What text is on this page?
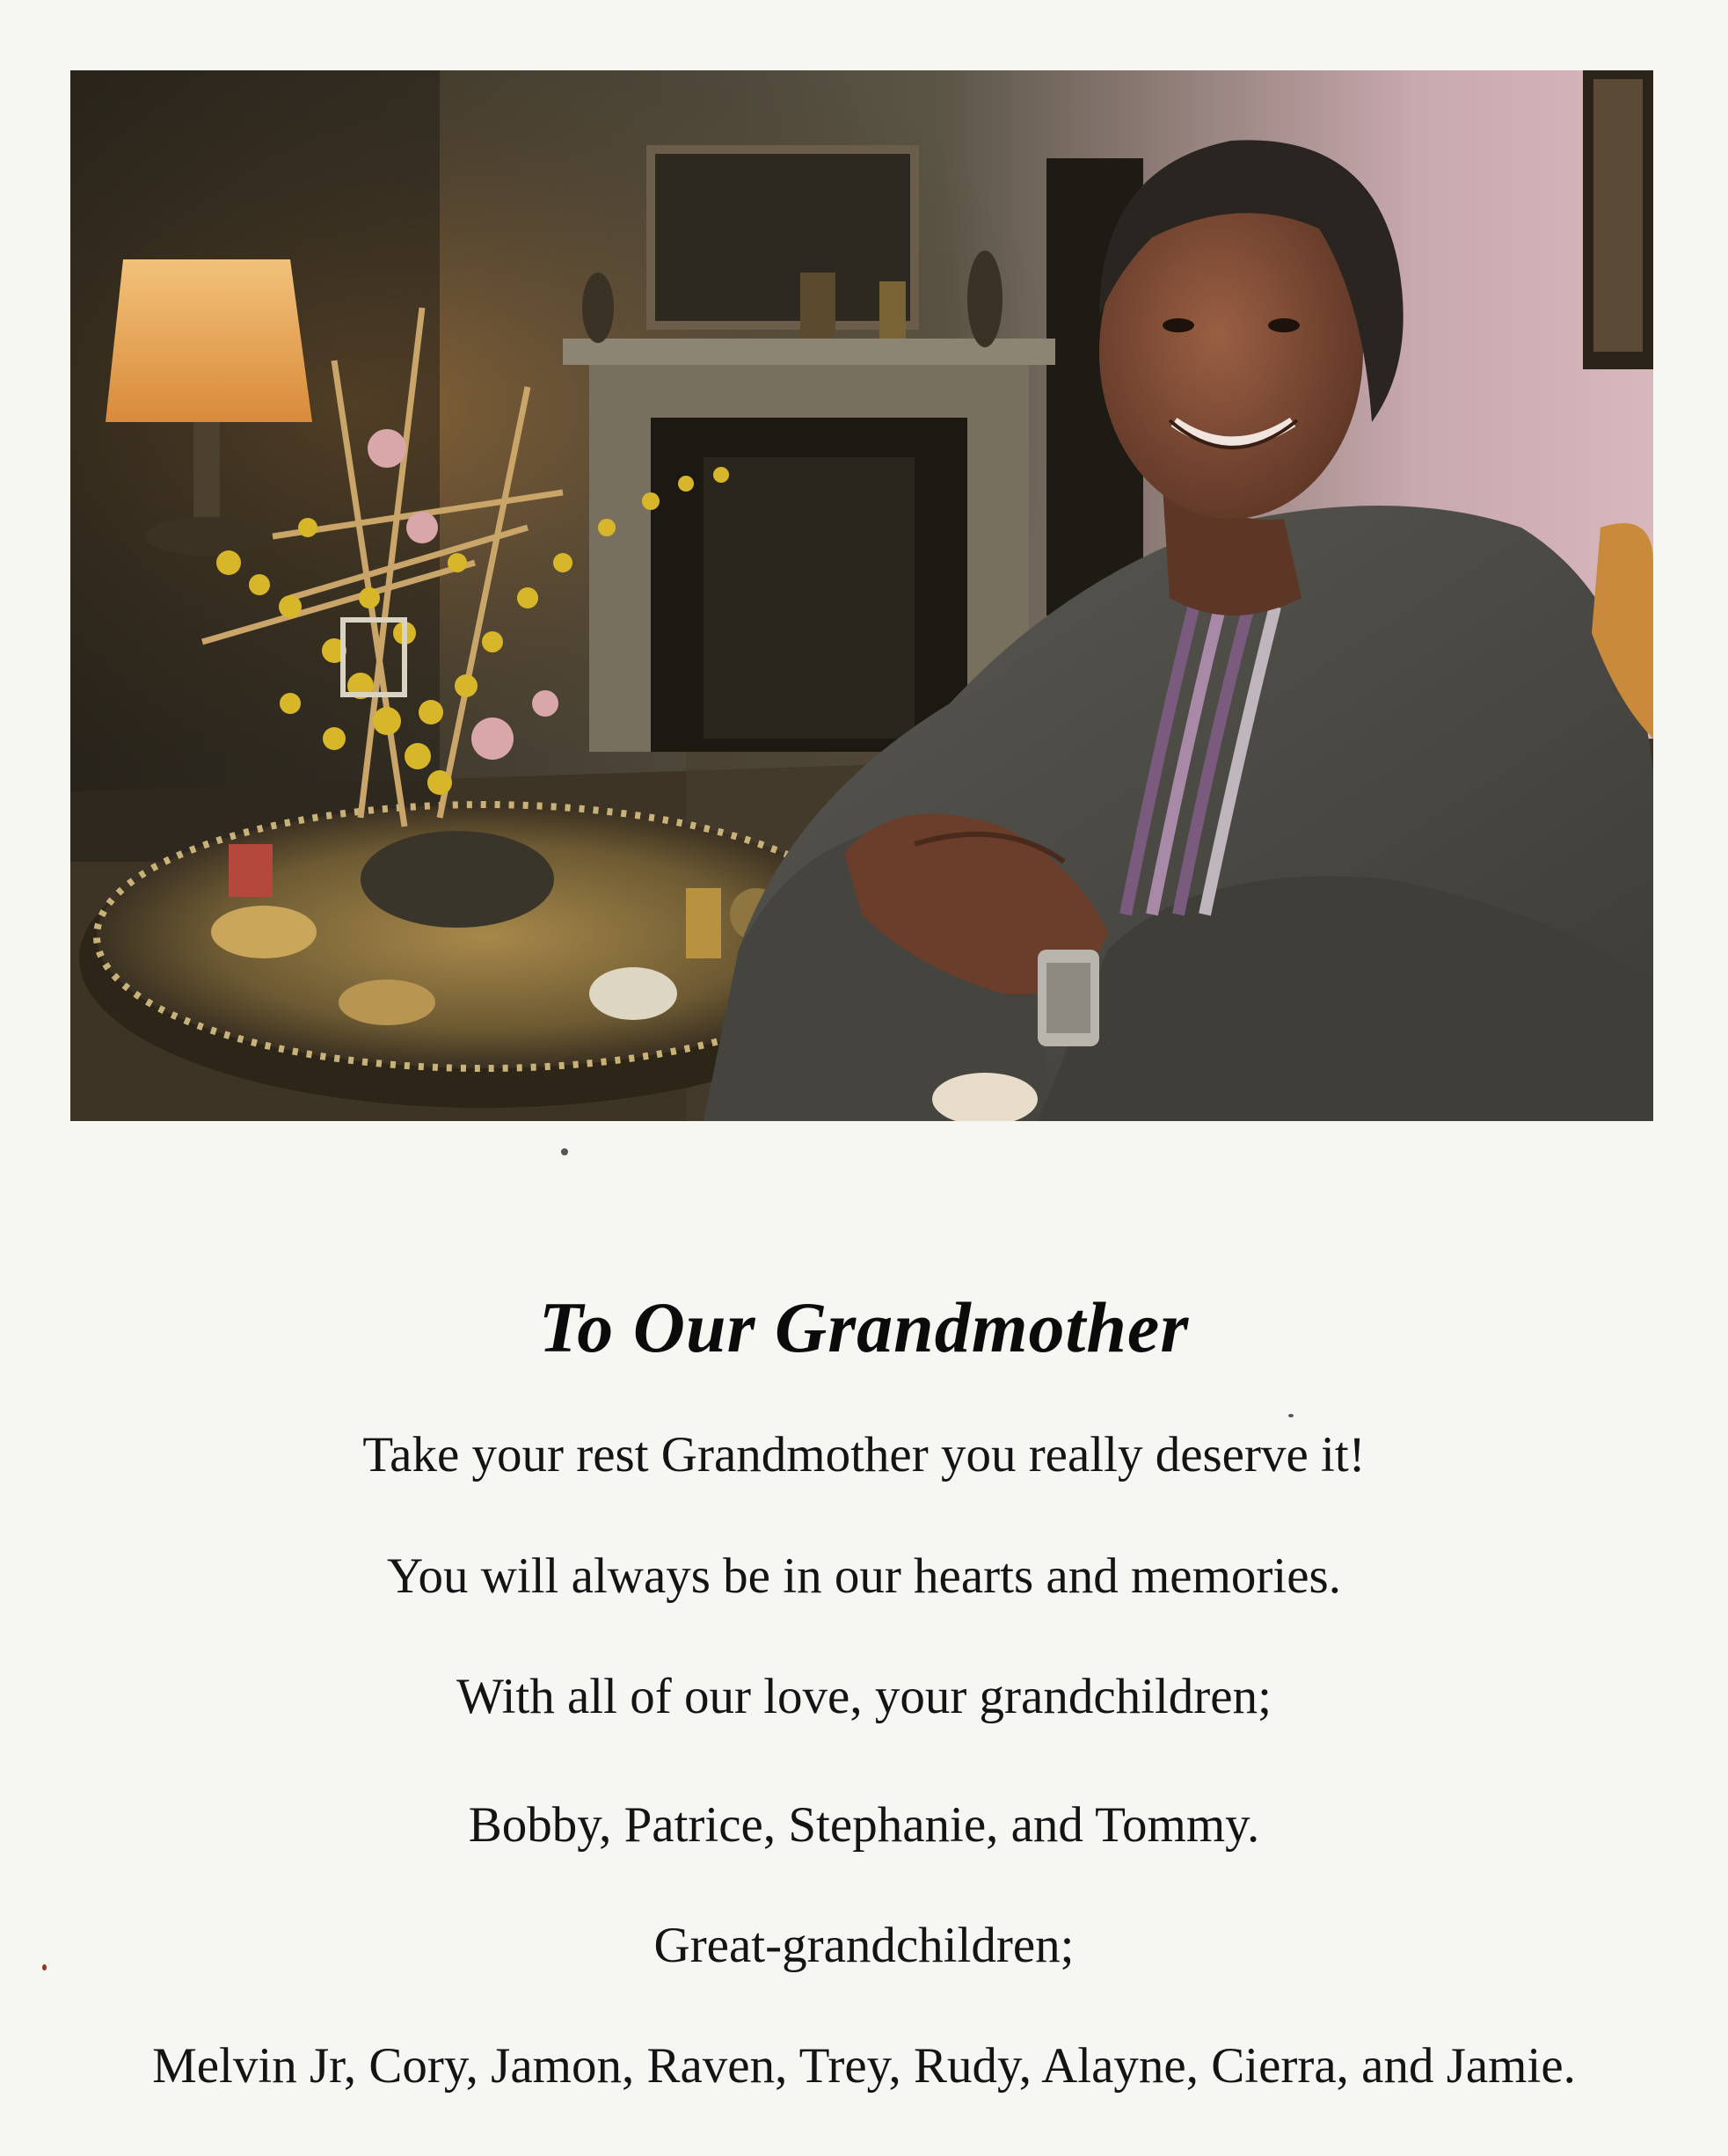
To Our Grandmother
Take your rest Grandmother you really deserve it!
You will always be in our hearts and memories.
With all of our love, your grandchildren;
Bobby, Patrice, Stephanie, and Tommy.
Great-grandchildren;
Melvin Jr, Cory, Jamon, Raven, Trey, Rudy, Alayne, Cierra, and Jamie.
